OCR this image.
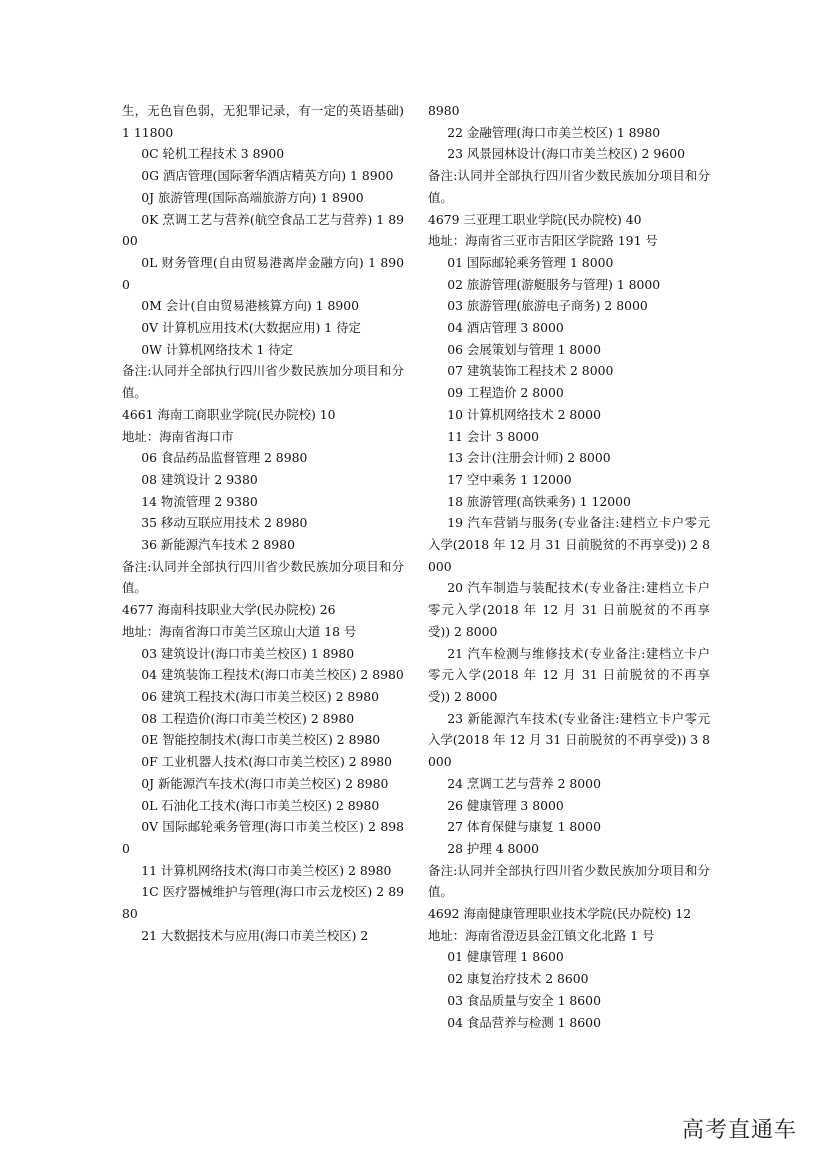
生，无色盲色弱，无犯罪记录，有一定的英语基础) 1 11800

0C 轮机工程技术 3 8900

0G 酒店管理(国际奢华酒店精英方向) 1 8900

0J 旅游管理(国际高端旅游方向) 1 8900

0K 烹调工艺与营养(航空食品工艺与营养) 1 8900

0L 财务管理(自由贸易港离岸金融方向) 1 8900

0M 会计(自由贸易港核算方向) 1 8900

0V 计算机应用技术(大数据应用) 1 待定

0W 计算机网络技术 1 待定

备注:认同并全部执行四川省少数民族加分项目和分值。

4661 海南工商职业学院(民办院校) 10

地址：海南省海口市

06 食品药品监督管理 2 8980

08 建筑设计 2 9380

14 物流管理 2 9380

35 移动互联应用技术 2 8980

36 新能源汽车技术 2 8980

备注:认同并全部执行四川省少数民族加分项目和分值。

4677 海南科技职业大学(民办院校) 26

地址：海南省海口市美兰区琼山大道 18 号

03 建筑设计(海口市美兰校区) 1 8980

04 建筑装饰工程技术(海口市美兰校区) 2 8980

06 建筑工程技术(海口市美兰校区) 2 8980

08 工程造价(海口市美兰校区) 2 8980

0E 智能控制技术(海口市美兰校区) 2 8980

0F 工业机器人技术(海口市美兰校区) 2 8980

0J 新能源汽车技术(海口市美兰校区) 2 8980

0L 石油化工技术(海口市美兰校区) 2 8980

0V 国际邮轮乘务管理(海口市美兰校区) 2 8980

11 计算机网络技术(海口市美兰校区) 2 8980

1C 医疗器械维护与管理(海口市云龙校区) 2 8980

21 大数据技术与应用(海口市美兰校区) 2

8980

22 金融管理(海口市美兰校区) 1 8980

23 风景园林设计(海口市美兰校区) 2 9600

备注:认同并全部执行四川省少数民族加分项目和分值。

4679 三亚理工职业学院(民办院校) 40

地址：海南省三亚市吉阳区学院路 191 号

01 国际邮轮乘务管理 1 8000

02 旅游管理(游艇服务与管理) 1 8000

03 旅游管理(旅游电子商务) 2 8000

04 酒店管理 3 8000

06 会展策划与管理 1 8000

07 建筑装饰工程技术 2 8000

09 工程造价 2 8000

10 计算机网络技术 2 8000

11 会计 3 8000

13 会计(注册会计师) 2 8000

17 空中乘务 1 12000

18 旅游管理(高铁乘务) 1 12000

19 汽车营销与服务(专业备注:建档立卡户零元入学(2018 年 12 月 31 日前脱贫的不再享受)) 2 8000

20 汽车制造与装配技术(专业备注:建档立卡户零元入学(2018 年 12 月 31 日前脱贫的不再享受)) 2 8000

21 汽车检测与维修技术(专业备注:建档立卡户零元入学(2018 年 12 月 31 日前脱贫的不再享受)) 2 8000

23 新能源汽车技术(专业备注:建档立卡户零元入学(2018 年 12 月 31 日前脱贫的不再享受)) 3 8000

24 烹调工艺与营养 2 8000

26 健康管理 3 8000

27 体育保健与康复 1 8000

28 护理 4 8000

备注:认同并全部执行四川省少数民族加分项目和分值。

4692 海南健康管理职业技术学院(民办院校) 12

地址：海南省澄迈县金江镇文化北路 1 号

01 健康管理 1 8600

02 康复治疗技术 2 8600

03 食品质量与安全 1 8600

04 食品营养与检测 1 8600

高考直通车
